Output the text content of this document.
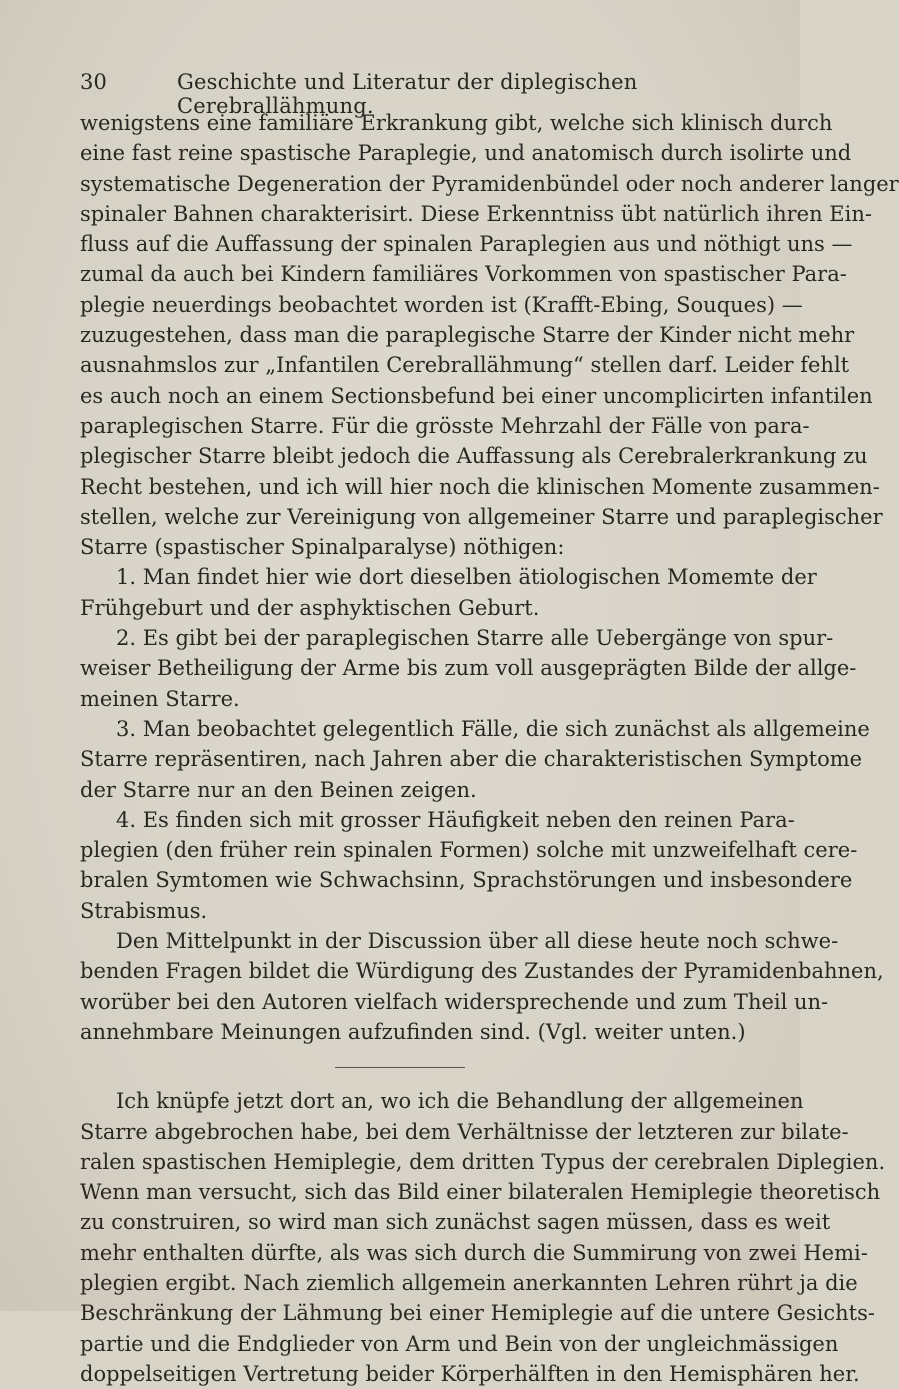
30	Geschichte und Literatur der diplegischen Cerebrallähmung.
wenigstens eine familiäre Erkrankung gibt, welche sich klinisch durch
eine fast reine spastische Paraplegie, und anatomisch durch isolirte und
systematische Degeneration der Pyramidenbündel oder noch anderer langer
spinaler Bahnen charakterisirt. Diese Erkenntniss übt natürlich ihren Ein-
fluss auf die Auffassung der spinalen Paraplegien aus und nöthigt uns —
zumal da auch bei Kindern familiäres Vorkommen von spastischer Para-
plegie neuerdings beobachtet worden ist (Krafft-Ebing, Souques) —
zuzugestehen, dass man die paraplegische Starre der Kinder nicht mehr
ausnahmslos zur „Infantilen Cerebrallähmung“ stellen darf. Leider fehlt
es auch noch an einem Sectionsbefund bei einer uncomplicirten infantilen
paraplegischen Starre. Für die grösste Mehrzahl der Fälle von para-
plegischer Starre bleibt jedoch die Auffassung als Cerebralerkrankung zu
Recht bestehen, und ich will hier noch die klinischen Momente zusammen-
stellen, welche zur Vereinigung von allgemeiner Starre und paraplegischer
Starre (spastischer Spinalparalyse) nöthigen:
1. Man findet hier wie dort dieselben ätiologischen Momemte der
Frühgeburt und der asphyktischen Geburt.
2. Es gibt bei der paraplegischen Starre alle Uebergänge von spur-
weiser Betheiligung der Arme bis zum voll ausgeprägten Bilde der allge-
meinen Starre.
3. Man beobachtet gelegentlich Fälle, die sich zunächst als allgemeine
Starre repräsentiren, nach Jahren aber die charakteristischen Symptome
der Starre nur an den Beinen zeigen.
4. Es finden sich mit grosser Häufigkeit neben den reinen Para-
plegien (den früher rein spinalen Formen) solche mit unzweifelhaft cere-
bralen Symtomen wie Schwachsinn, Sprachstörungen und insbesondere
Strabismus.
Den Mittelpunkt in der Discussion über all diese heute noch schwe-
benden Fragen bildet die Würdigung des Zustandes der Pyramidenbahnen,
worüber bei den Autoren vielfach widersprechende und zum Theil un-
annehmbare Meinungen aufzufinden sind. (Vgl. weiter unten.)
Ich knüpfe jetzt dort an, wo ich die Behandlung der allgemeinen
Starre abgebrochen habe, bei dem Verhältnisse der letzteren zur bilate-
ralen spastischen Hemiplegie, dem dritten Typus der cerebralen Diplegien.
Wenn man versucht, sich das Bild einer bilateralen Hemiplegie theoretisch
zu construiren, so wird man sich zunächst sagen müssen, dass es weit
mehr enthalten dürfte, als was sich durch die Summirung von zwei Hemi-
plegien ergibt. Nach ziemlich allgemein anerkannten Lehren rührt ja die
Beschränkung der Lähmung bei einer Hemiplegie auf die untere Gesichts-
partie und die Endglieder von Arm und Bein von der ungleichmässigen
doppelseitigen Vertretung beider Körperhälften in den Hemisphären her.
